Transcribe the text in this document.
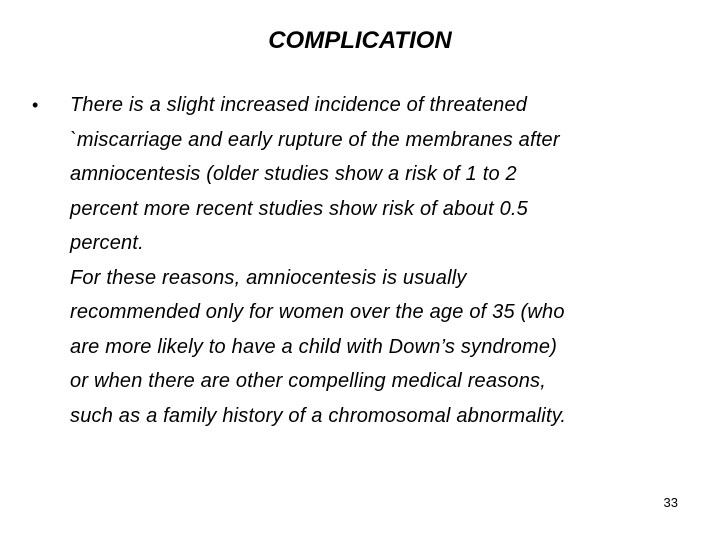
COMPLICATION
• There is a slight increased incidence of threatened
`miscarriage and early rupture of the membranes after
amniocentesis (older studies show a risk of 1 to 2
percent more recent studies show risk of about 0.5
percent.
For these reasons, amniocentesis is usually
recommended only for women over the age of 35 (who
are more likely to have a child with Down’s syndrome)
or when there are other compelling medical reasons,
such as a family history of a chromosomal abnormality.
33
